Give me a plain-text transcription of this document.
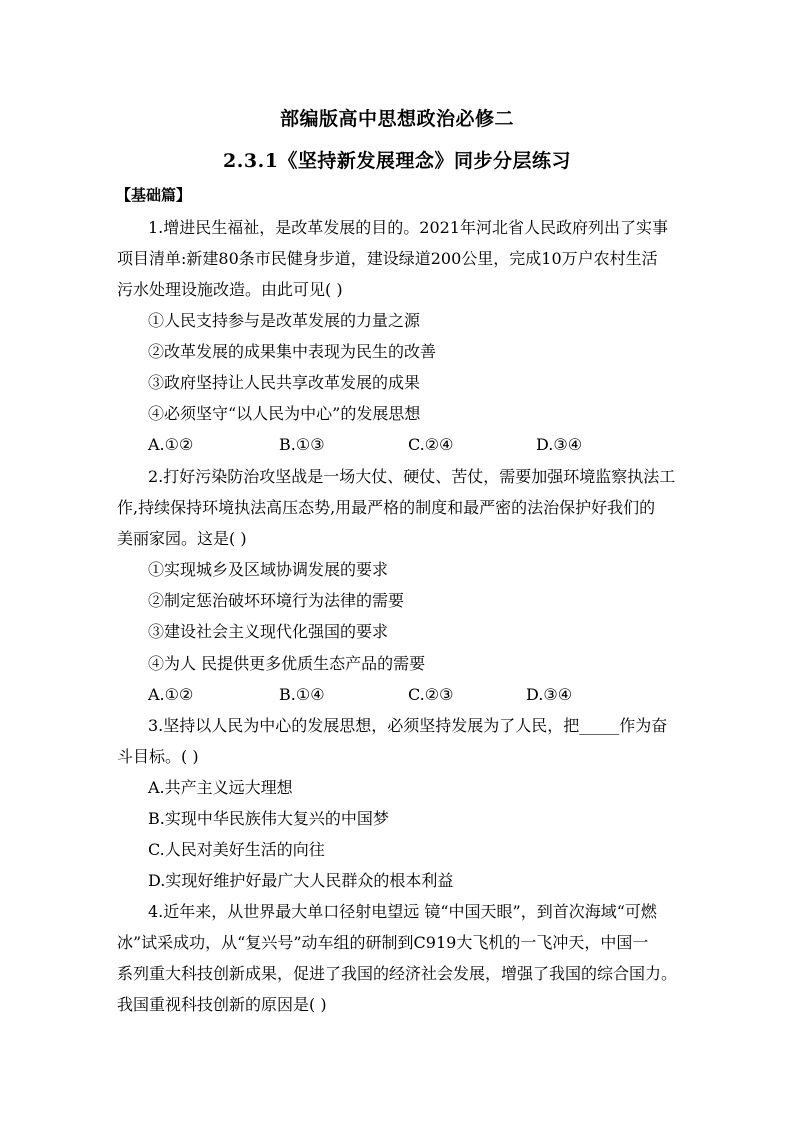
部编版高中思想政治必修二
2.3.1《坚持新发展理念》同步分层练习
【基础篇】
1.增进民生福祉，是改革发展的目的。2021年河北省人民政府列出了实事
项目清单:新建80条市民健身步道，建设绿道200公里，完成10万户农村生活
污水处理设施改造。由此可见( )
①人民支持参与是改革发展的力量之源
②改革发展的成果集中表现为民生的改善
③政府坚持让人民共享改革发展的成果
④必须坚守“以人民为中心”的发展思想
A.①②	B.①③	C.②④	D.③④
2.打好污染防治攻坚战是一场大仗、硬仗、苦仗，需要加强环境监察执法工
作,持续保持环境执法高压态势,用最严格的制度和最严密的法治保护好我们的
美丽家园。这是( )
①实现城乡及区域协调发展的要求
②制定惩治破坏环境行为法律的需要
③建设社会主义现代化强国的要求
④为人 民提供更多优质生态产品的需要
A.①②	B.①④	C.②③	D.③④
3.坚持以人民为中心的发展思想，必须坚持发展为了人民，把_____作为奋
斗目标。( )
A.共产主义远大理想
B.实现中华民族伟大复兴的中国梦
C.人民对美好生活的向往
D.实现好维护好最广大人民群众的根本利益
4.近年来，从世界最大单口径射电望远 镜“中国天眼”，到首次海域“可燃
冰”试采成功，从“复兴号”动车组的研制到C919大飞机的一飞冲天，中国一
系列重大科技创新成果，促进了我国的经济社会发展，增强了我国的综合国力。
我国重视科技创新的原因是( )
